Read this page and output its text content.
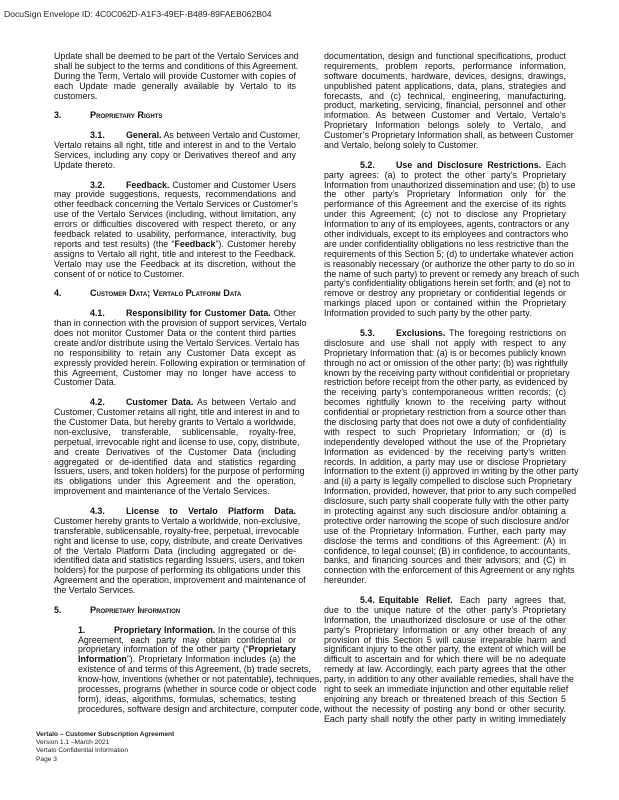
DocuSign Envelope ID: 4C0C062D-A1F3-49EF-B489-89FAEB062B04
Update shall be deemed to be part of the Vertalo Services and
shall be subject to the terms and conditions of this Agreement.
During the Term, Vertalo will provide Customer with copies of
each Update made generally available by Vertalo to its
customers.
3.	Proprietary Rights
3.1. General. As between Vertalo and Customer,
Vertalo retains all right, title and interest in and to the Vertalo
Services, including any copy or Derivatives thereof and any
Update thereto.
3.2. Feedback. Customer and Customer Users
may provide suggestions, requests, recommendations and
other feedback concerning the Vertalo Services or Customer’s
use of the Vertalo Services (including, without limitation, any
errors or difficulties discovered with respect thereto, or any
feedback related to usability, performance, interactivity, bug
reports and test results) (the “Feedback”). Customer hereby
assigns to Vertalo all right, title and interest to the Feedback.
Vertalo may use the Feedback at its discretion, without the
consent of or notice to Customer.
4.	Customer Data; Vertalo Platform Data
4.1. Responsibility for Customer Data. Other
than in connection with the provision of support services, Vertalo
does not monitor Customer Data or the content third parties
create and/or distribute using the Vertalo Services. Vertalo has
no responsibility to retain any Customer Data except as
expressly provided herein. Following expiration or termination of
this Agreement, Customer may no longer have access to
Customer Data.
4.2. Customer Data. As between Vertalo and
Customer, Customer retains all right, title and interest in and to
the Customer Data, but hereby grants to Vertalo a worldwide,
non-exclusive, transferable, sublicensable, royalty-free,
perpetual, irrevocable right and license to use, copy, distribute,
and create Derivatives of the Customer Data (including
aggregated or de-identified data and statistics regarding
Issuers, users, and token holders) for the purpose of performing
its obligations under this Agreement and the operation,
improvement and maintenance of the Vertalo Services.
4.3. License to Vertalo Platform Data.
Customer hereby grants to Vertalo a worldwide, non-exclusive,
transferable, sublicensable, royalty-free, perpetual, irrevocable
right and license to use, copy, distribute, and create Derivatives
of the Vertalo Platform Data (including aggregated or de-
identified data and statistics regarding Issuers, users, and token
holders) for the purpose of performing its obligations under this
Agreement and the operation, improvement and maintenance of
the Vertalo Services.
5.	Proprietary Information
1.	Proprietary Information. In the course of this
Agreement, each party may obtain confidential or
proprietary information of the other party (“Proprietary
Information”). Proprietary Information includes (a) the
existence of and terms of this Agreement, (b) trade secrets,
know-how, inventions (whether or not patentable), techniques,
processes, programs (whether in source code or object code
form), ideas, algorithms, formulas, schematics, testing
procedures, software design and architecture, computer code,
documentation, design and functional specifications, product
requirements, problem reports, performance information,
software documents, hardware, devices, designs, drawings,
unpublished patent applications, data, plans, strategies and
forecasts, and (c) technical, engineering, manufacturing,
product, marketing, servicing, financial, personnel and other
information. As between Customer and Vertalo, Vertalo’s
Proprietary Information belongs solely to Vertalo, and
Customer’s Proprietary Information shall, as between Customer
and Vertalo, belong solely to Customer.
5.2. Use and Disclosure Restrictions. Each
party agrees: (a) to protect the other party’s Proprietary
Information from unauthorized dissemination and use; (b) to use
the other party’s Proprietary Information only for the
performance of this Agreement and the exercise of its rights
under this Agreement; (c) not to disclose any Proprietary
Information to any of its employees, agents, contractors or any
other individuals, except to its employees and contractors who
are under confidentiality obligations no less restrictive than the
requirements of this Section 5; (d) to undertake whatever action
is reasonably necessary (or authorize the other party to do so in
the name of such party) to prevent or remedy any breach of such
party’s confidentiality obligations herein set forth; and (e) not to
remove or destroy any proprietary or confidential legends or
markings placed upon or contained within the Proprietary
Information provided to such party by the other party.
5.3. Exclusions. The foregoing restrictions on
disclosure and use shall not apply with respect to any
Proprietary Information that: (a) is or becomes publicly known
through no act or omission of the other party; (b) was rightfully
known by the receiving party without confidential or proprietary
restriction before receipt from the other party, as evidenced by
the receiving party’s contemporaneous written records; (c)
becomes rightfully known to the receiving party without
confidential or proprietary restriction from a source other than
the disclosing party that does not owe a duty of confidentiality
with respect to such Proprietary Information; or (d) is
independently developed without the use of the Proprietary
Information as evidenced by the receiving party’s written
records. In addition, a party may use or disclose Proprietary
Information to the extent (i) approved in writing by the other party
and (ii) a party is legally compelled to disclose such Proprietary
Information, provided, however, that prior to any such compelled
disclosure, such party shall cooperate fully with the other party
in protecting against any such disclosure and/or obtaining a
protective order narrowing the scope of such disclosure and/or
use of the Proprietary Information. Further, each party may
disclose the terms and conditions of this Agreement: (A) in
confidence, to legal counsel; (B) in confidence, to accountants,
banks, and financing sources and their advisors; and (C) in
connection with the enforcement of this Agreement or any rights
hereunder.
5.4. Equitable Relief. Each party agrees that,
due to the unique nature of the other party’s Proprietary
Information, the unauthorized disclosure or use of the other
party’s Proprietary Information or any other breach of any
provision of this Section 5 will cause irreparable harm and
significant injury to the other party, the extent of which will be
difficult to ascertain and for which there will be no adequate
remedy at law. Accordingly, each party agrees that the other
party, in addition to any other available remedies, shall have the
right to seek an immediate injunction and other equitable relief
enjoining any breach or threatened breach of this Section 5
without the necessity of posting any bond or other security.
Each party shall notify the other party in writing immediately
Vertalo – Customer Subscription Agreement
Version 1.1 –March 2021
Vertalo Confidential Information
Page 3
